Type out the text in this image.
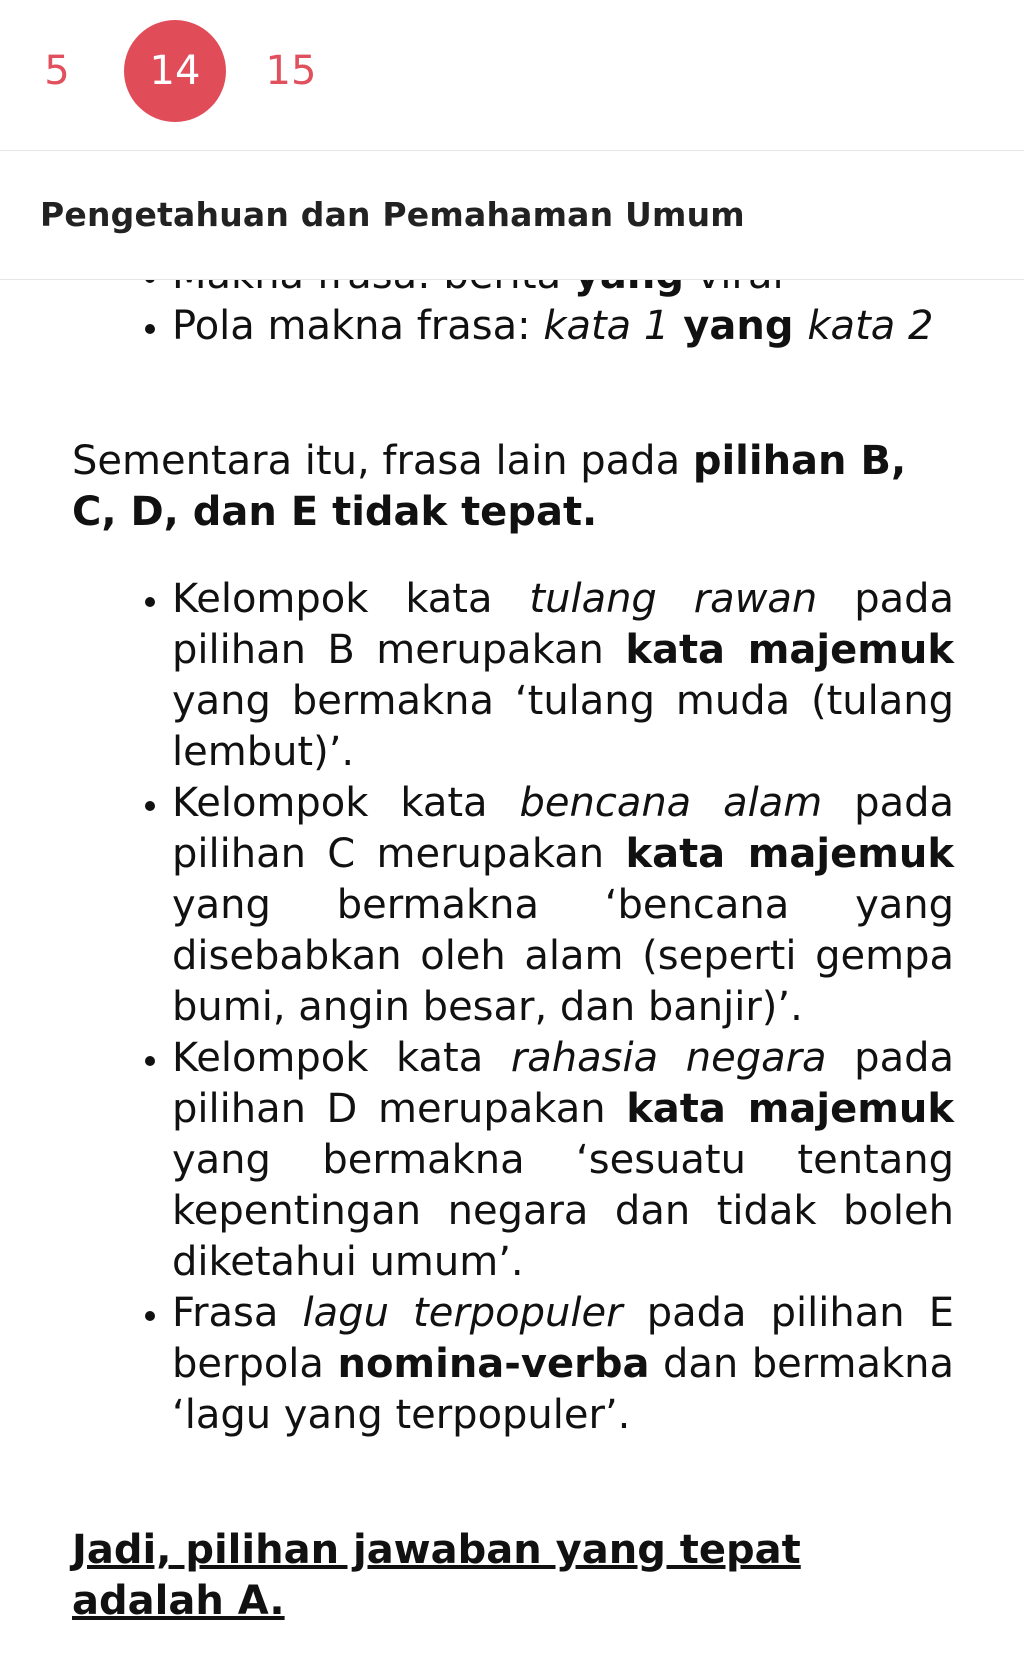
5	14	15
Pengetahuan dan Pemahaman Umum
•
• Pola makna frasa: kata 1 yang kata 2

Sementara itu, frasa lain pada pilihan B, C, D, dan E tidak tepat.

• Kelompok kata tulang rawan pada pilihan B merupakan kata majemuk yang bermakna ‘tulang muda (tulang lembut)’.
• Kelompok kata bencana alam pada pilihan C merupakan kata majemuk yang bermakna ‘bencana yang disebabkan oleh alam (seperti gempa bumi, angin besar, dan banjir)’.
• Kelompok kata rahasia negara pada pilihan D merupakan kata majemuk yang bermakna ‘sesuatu tentang kepentingan negara dan tidak boleh diketahui umum’.
• Frasa lagu terpopuler pada pilihan E berpola nomina-verba dan bermakna ‘lagu yang terpopuler’.

Jadi, pilihan jawaban yang tepat adalah A.
